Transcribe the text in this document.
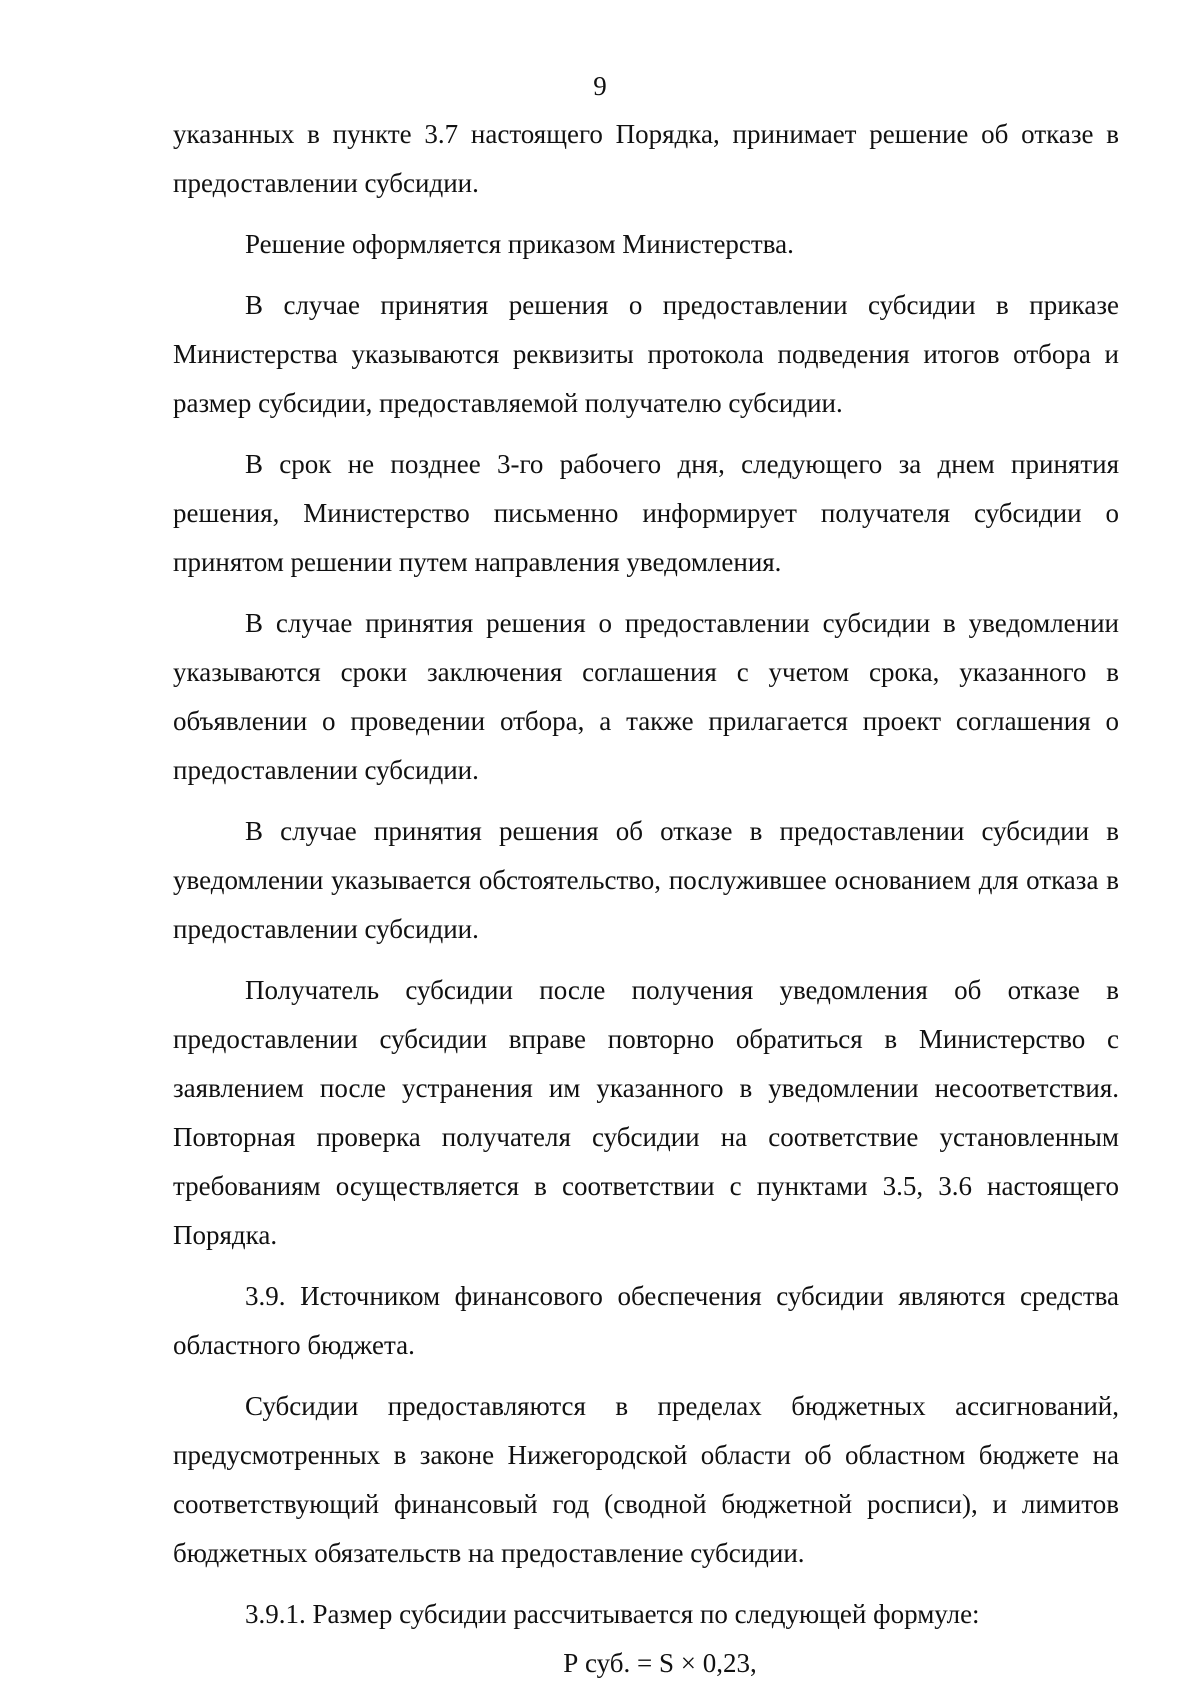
9

указанных в пункте 3.7 настоящего Порядка, принимает решение об отказе в предоставлении субсидии.

Решение оформляется приказом Министерства.

В случае принятия решения о предоставлении субсидии в приказе Министерства указываются реквизиты протокола подведения итогов отбора и размер субсидии, предоставляемой получателю субсидии.

В срок не позднее 3-го рабочего дня, следующего за днем принятия решения, Министерство письменно информирует получателя субсидии о принятом решении путем направления уведомления.

В случае принятия решения о предоставлении субсидии в уведомлении указываются сроки заключения соглашения с учетом срока, указанного в объявлении о проведении отбора, а также прилагается проект соглашения о предоставлении субсидии.

В случае принятия решения об отказе в предоставлении субсидии в уведомлении указывается обстоятельство, послужившее основанием для отказа в предоставлении субсидии.

Получатель субсидии после получения уведомления об отказе в предоставлении субсидии вправе повторно обратиться в Министерство с заявлением после устранения им указанного в уведомлении несоответствия. Повторная проверка получателя субсидии на соответствие установленным требованиям осуществляется в соответствии с пунктами 3.5, 3.6 настоящего Порядка.

3.9. Источником финансового обеспечения субсидии являются средства областного бюджета.

Субсидии предоставляются в пределах бюджетных ассигнований, предусмотренных в законе Нижегородской области об областном бюджете на соответствующий финансовый год (сводной бюджетной росписи), и лимитов бюджетных обязательств на предоставление субсидии.

3.9.1. Размер субсидии рассчитывается по следующей формуле:

Р суб. = S × 0,23,
